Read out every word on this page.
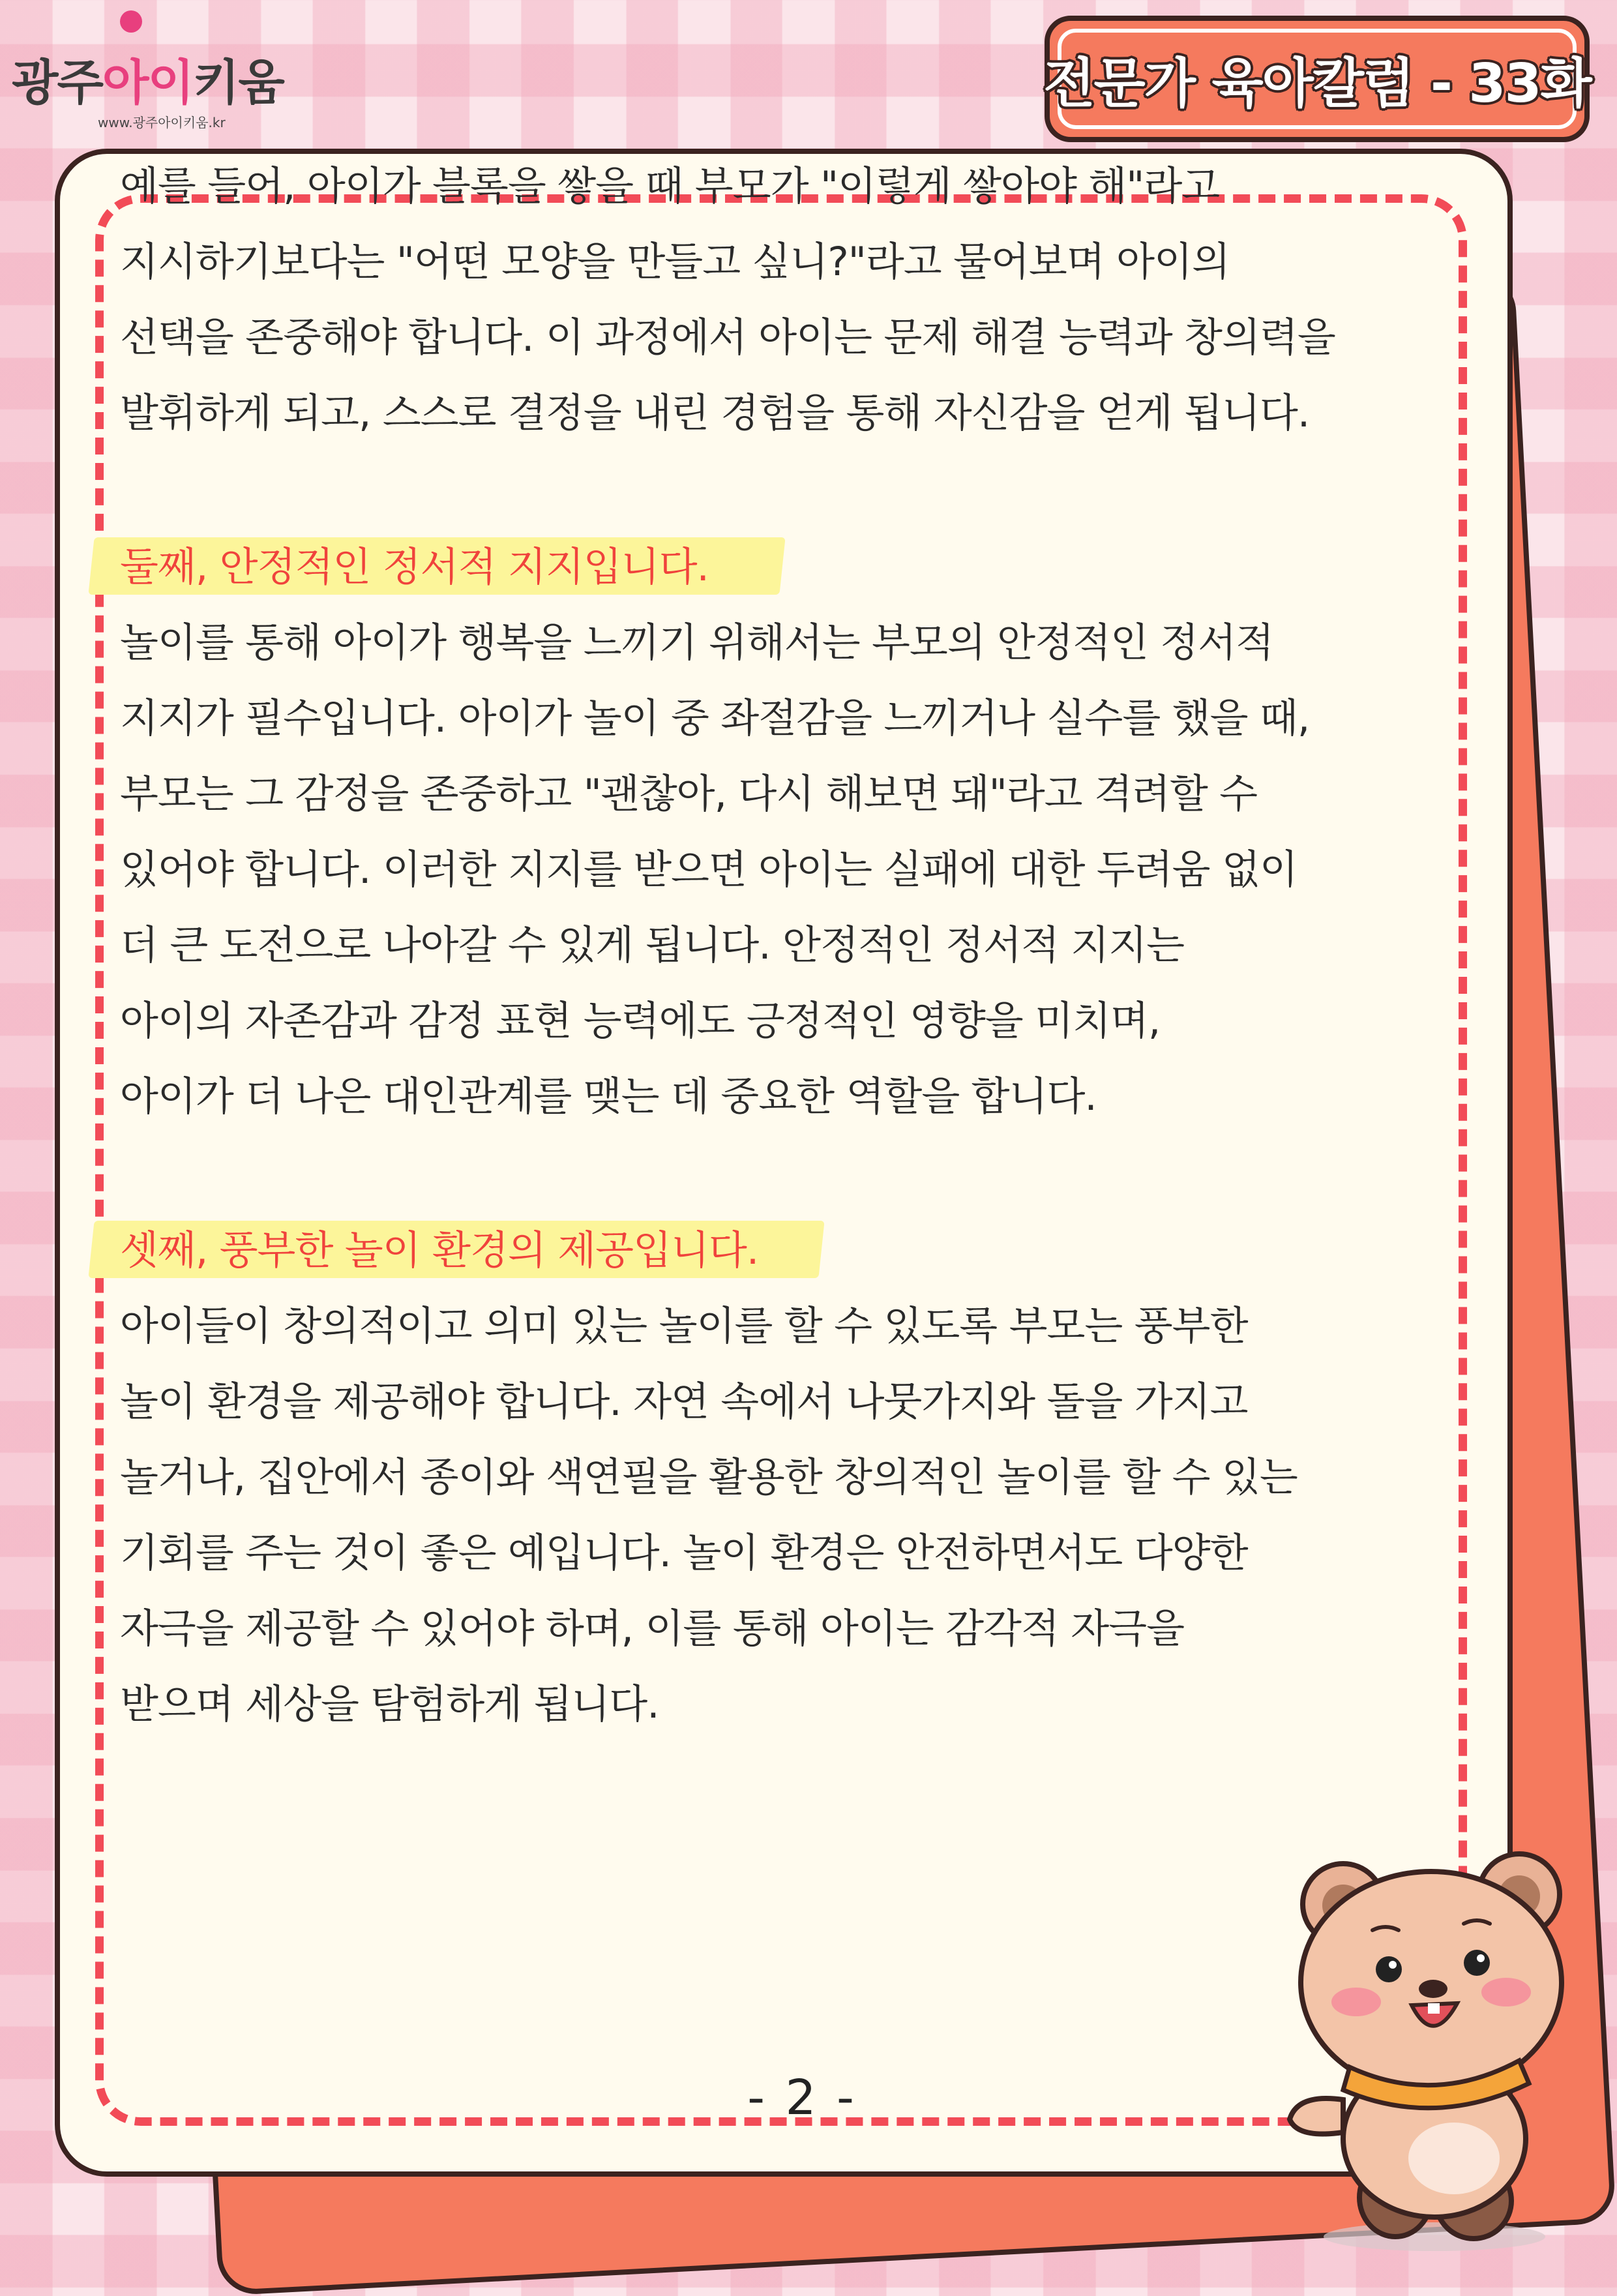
광주아이키움
www.광주아이키움.kr
전문가 육아칼럼 - 33화
예를 들어, 아이가 블록을 쌓을 때 부모가 "이렇게 쌓아야 해"라고
지시하기보다는 "어떤 모양을 만들고 싶니?"라고 물어보며 아이의
선택을 존중해야 합니다. 이 과정에서 아이는 문제 해결 능력과 창의력을
발휘하게 되고, 스스로 결정을 내린 경험을 통해 자신감을 얻게 됩니다.
둘째, 안정적인 정서적 지지입니다.
놀이를 통해 아이가 행복을 느끼기 위해서는 부모의 안정적인 정서적
지지가 필수입니다. 아이가 놀이 중 좌절감을 느끼거나 실수를 했을 때,
부모는 그 감정을 존중하고 "괜찮아, 다시 해보면 돼"라고 격려할 수
있어야 합니다. 이러한 지지를 받으면 아이는 실패에 대한 두려움 없이
더 큰 도전으로 나아갈 수 있게 됩니다. 안정적인 정서적 지지는
아이의 자존감과 감정 표현 능력에도 긍정적인 영향을 미치며,
아이가 더 나은 대인관계를 맺는 데 중요한 역할을 합니다.
셋째, 풍부한 놀이 환경의 제공입니다.
아이들이 창의적이고 의미 있는 놀이를 할 수 있도록 부모는 풍부한
놀이 환경을 제공해야 합니다. 자연 속에서 나뭇가지와 돌을 가지고
놀거나, 집안에서 종이와 색연필을 활용한 창의적인 놀이를 할 수 있는
기회를 주는 것이 좋은 예입니다. 놀이 환경은 안전하면서도 다양한
자극을 제공할 수 있어야 하며, 이를 통해 아이는 감각적 자극을
받으며 세상을 탐험하게 됩니다.
- 2 -
